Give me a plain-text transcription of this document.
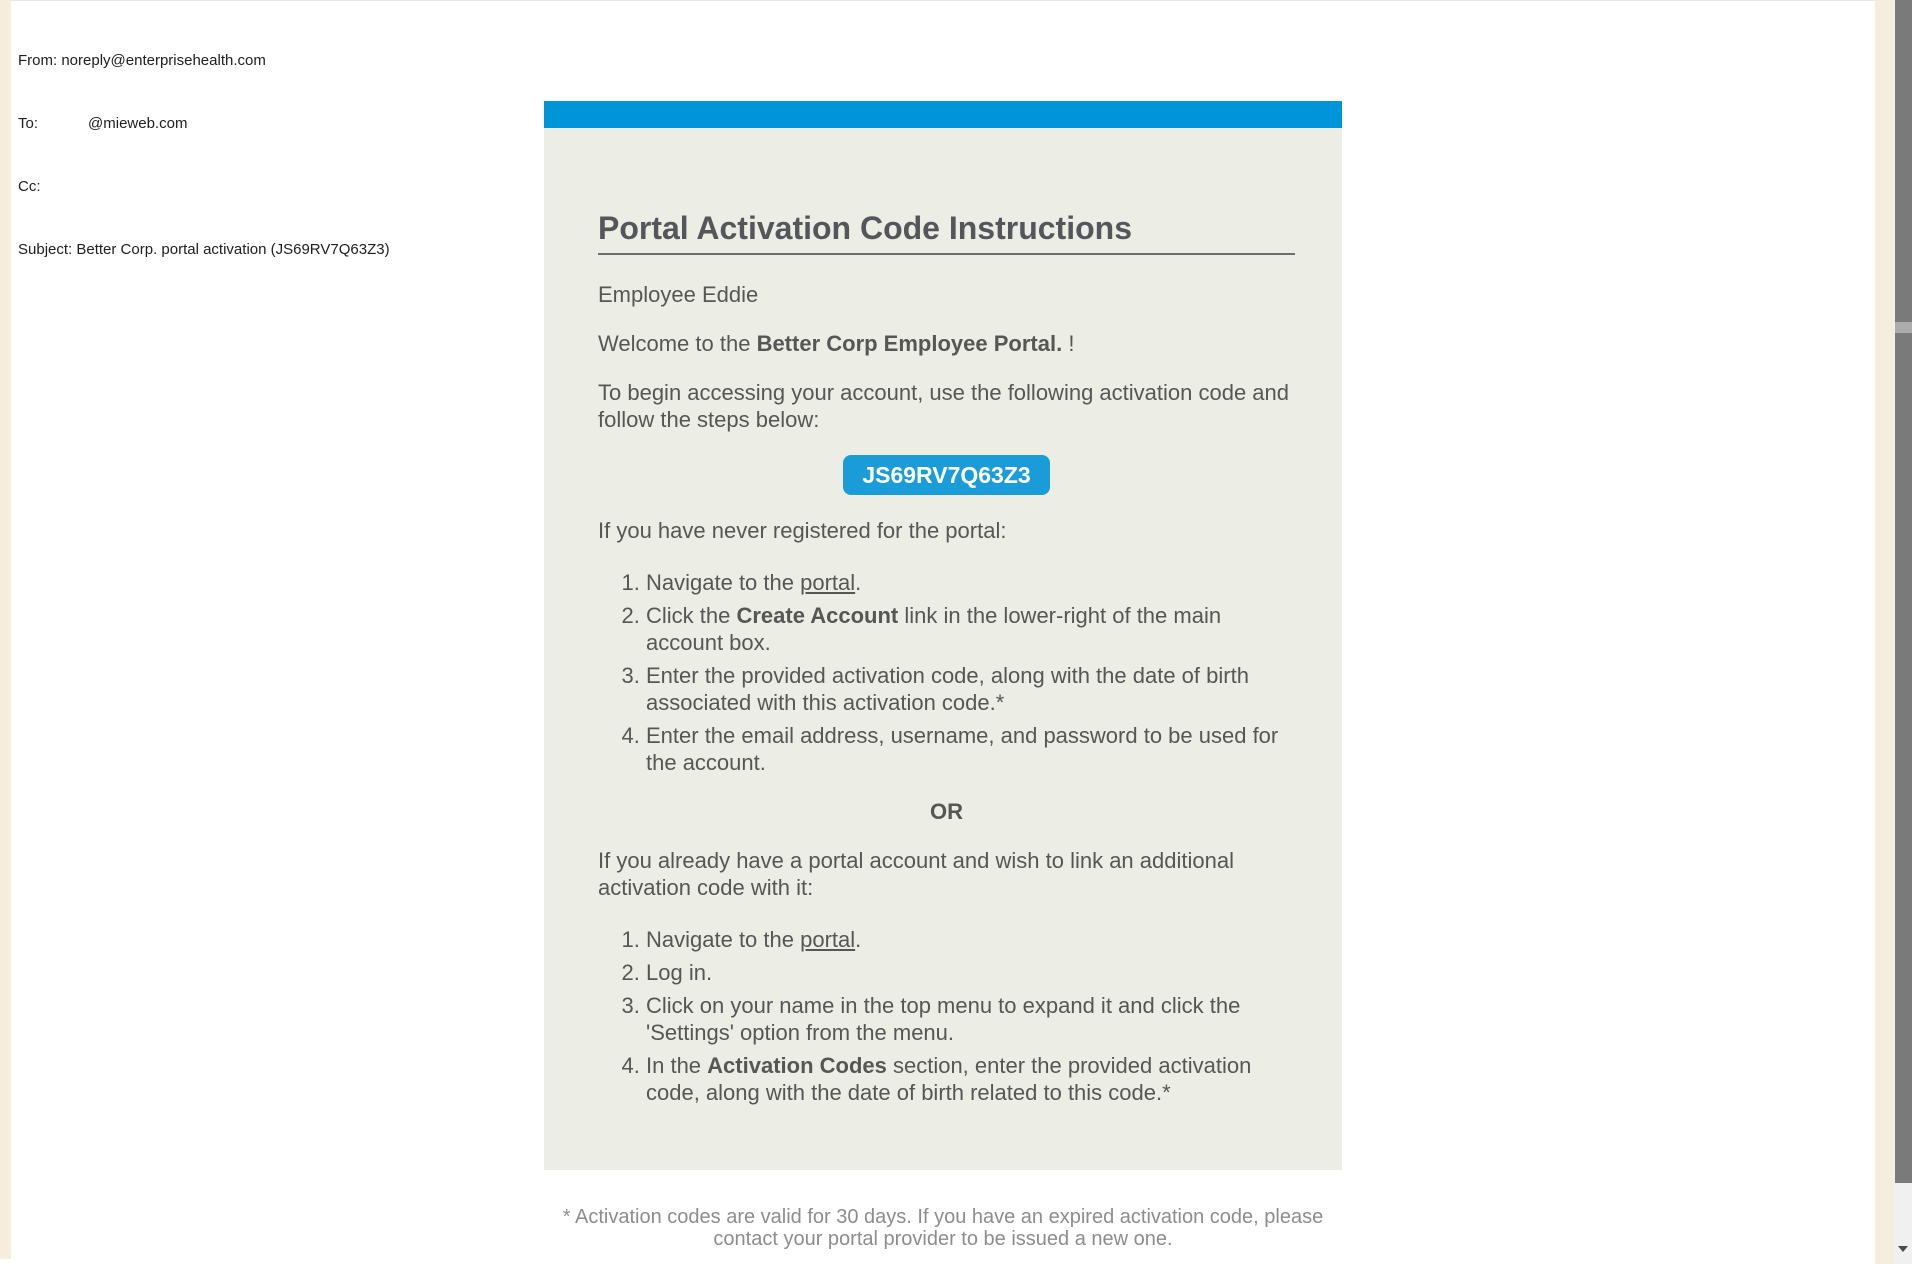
From: noreply@enterprisehealth.com

To:            @mieweb.com

Cc:

Subject: Better Corp. portal activation (JS69RV7Q63Z3)

Portal Activation Code Instructions

Employee Eddie

Welcome to the Better Corp Employee Portal. !

To begin accessing your account, use the following activation code and follow the steps below:

JS69RV7Q63Z3

If you have never registered for the portal:

1. Navigate to the portal.
2. Click the Create Account link in the lower-right of the main account box.
3. Enter the provided activation code, along with the date of birth associated with this activation code.*
4. Enter the email address, username, and password to be used for the account.

OR

If you already have a portal account and wish to link an additional activation code with it:

1. Navigate to the portal.
2. Log in.
3. Click on your name in the top menu to expand it and click the 'Settings' option from the menu.
4. In the Activation Codes section, enter the provided activation code, along with the date of birth related to this code.*
* Activation codes are valid for 30 days. If you have an expired activation code, please contact your portal provider to be issued a new one.
